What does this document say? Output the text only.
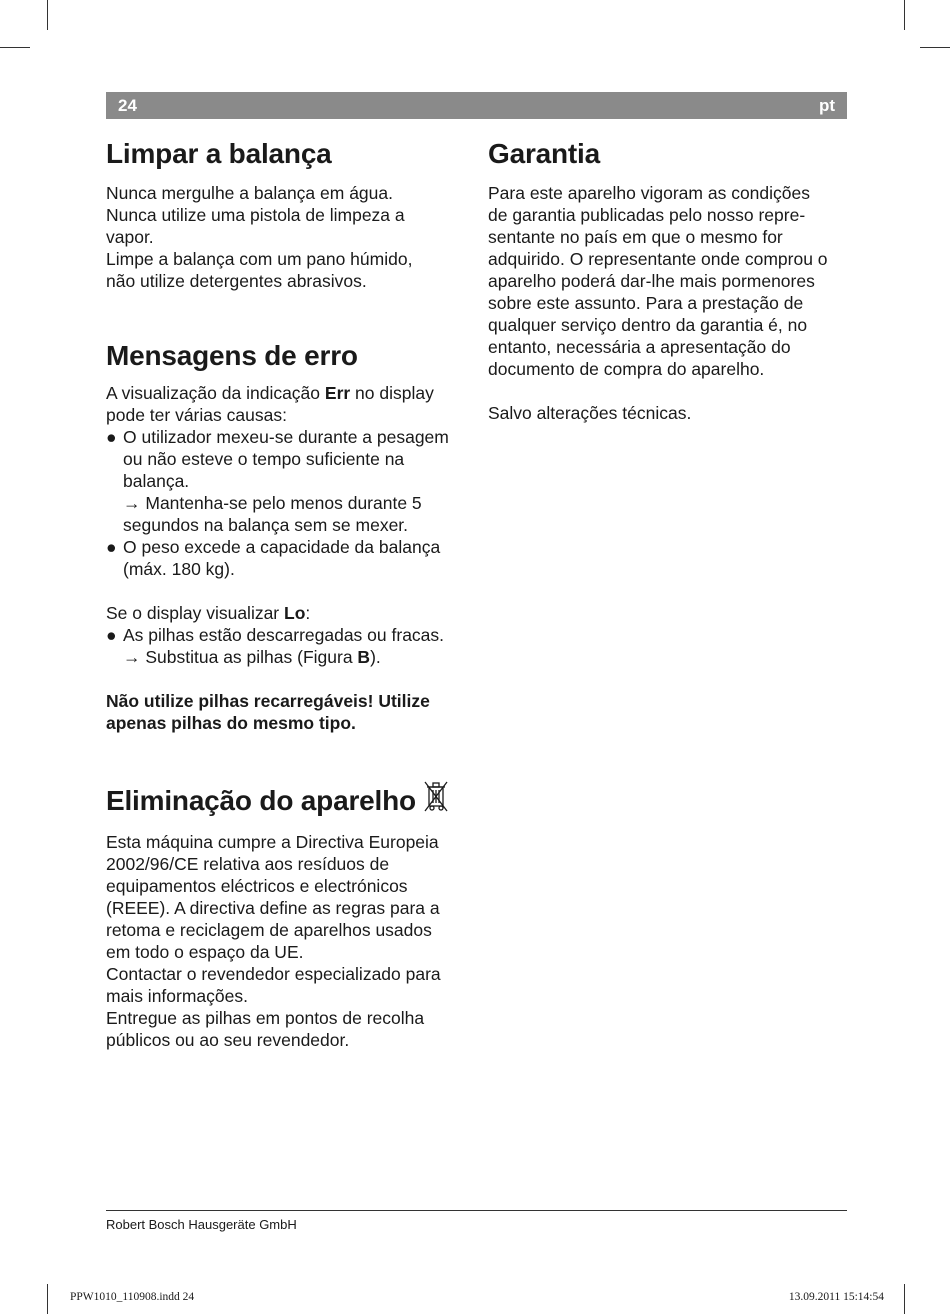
24	pt
Limpar a balança

Nunca mergulhe a balança em água.

Nunca utilize uma pistola de limpeza a

vapor.

Limpe a balança com um pano húmido,

não utilize detergentes abrasivos.

Mensagens de erro

A visualização da indicação Err no display

pode ter várias causas:

● O utilizador mexeu-se durante a pesagem
ou não esteve o tempo suficiente na
balança.
→ Mantenha-se pelo menos durante 5
segundos na balança sem se mexer.
● O peso excede a capacidade da balança
(máx. 180 kg).

Se o display visualizar Lo:

● As pilhas estão descarregadas ou fracas.
→ Substitua as pilhas (Figura B).

Não utilize pilhas recarregáveis! Utilize

apenas pilhas do mesmo tipo.

Eliminação do aparelho

Esta máquina cumpre a Directiva Europeia

2002/96/CE relativa aos resíduos de

equipamentos eléctricos e electrónicos

(REEE). A directiva define as regras para a

retoma e reciclagem de aparelhos usados

em todo o espaço da UE.

Contactar o revendedor especializado para

mais informações.

Entregue as pilhas em pontos de recolha

públicos ou ao seu revendedor.

Garantia

Para este aparelho vigoram as condições

de garantia publicadas pelo nosso repre-

sentante no país em que o mesmo for

adquirido. O representante onde comprou o

aparelho poderá dar-lhe mais pormenores

sobre este assunto. Para a prestação de

qualquer serviço dentro da garantia é, no

entanto, necessária a apresentação do

documento de compra do aparelho.

Salvo alterações técnicas.

Robert Bosch Hausgeräte GmbH
PPW1010_110908.indd 24	13.09.2011 15:14:54
